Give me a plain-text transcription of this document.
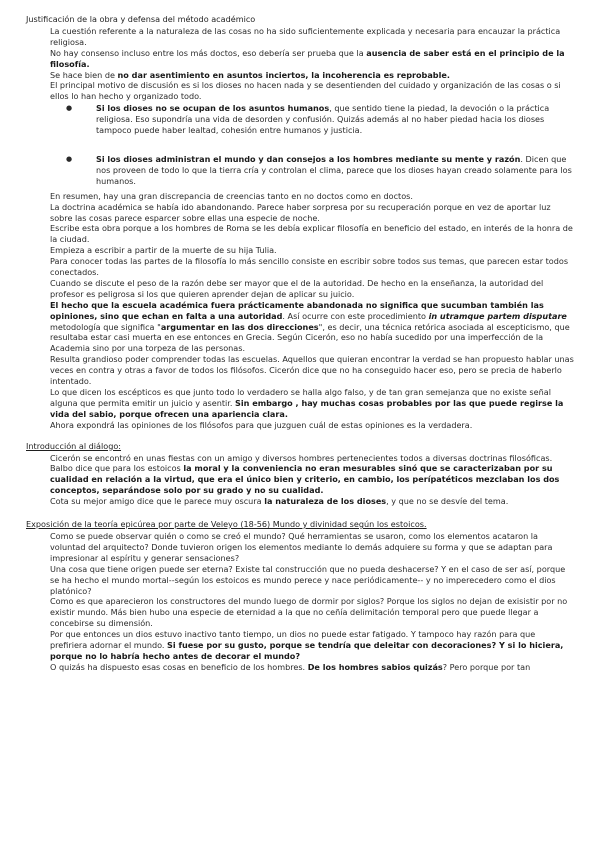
Justificación de la obra y defensa del método académico
La cuestión referente a la naturaleza de las cosas no ha sido suficientemente explicada y necesaria para encauzar la práctica religiosa.
No hay consenso incluso entre los más doctos, eso debería ser prueba que la ausencia de saber está en el principio de la filosofía.
Se hace bien de no dar asentimiento en asuntos inciertos, la incoherencia es reprobable.
El principal motivo de discusión es si los dioses no hacen nada y se desentienden del cuidado y organización de las cosas o si ellos lo han hecho y organizado todo.
● Si los dioses no se ocupan de los asuntos humanos, que sentido tiene la piedad, la devoción o la práctica religiosa. Eso supondría una vida de desorden y confusión. Quizás además al no haber piedad hacia los dioses tampoco puede haber lealtad, cohesión entre humanos y justicia.
● Si los dioses administran el mundo y dan consejos a los hombres mediante su mente y razón. Dicen que nos proveen de todo lo que la tierra cría y controlan el clima, parece que los dioses hayan creado solamente para los humanos.
En resumen, hay una gran discrepancia de creencias tanto en no doctos como en doctos.
La doctrina académica se había ido abandonando. Parece haber sorpresa por su recuperación porque en vez de aportar luz sobre las cosas parece esparcer sobre ellas una especie de noche.
Escribe esta obra porque a los hombres de Roma se les debía explicar filosofía en beneficio del estado, en interés de la honra de la ciudad.
Empieza a escribir a partir de la muerte de su hija Tulia.
Para conocer todas las partes de la filosofía lo más sencillo consiste en escribir sobre todos sus temas, que parecen estar todos conectados.
Cuando se discute el peso de la razón debe ser mayor que el de la autoridad. De hecho en la enseñanza, la autoridad del profesor es peligrosa si los que quieren aprender dejan de aplicar su juicio.
El hecho que la escuela académica fuera prácticamente abandonada no significa que sucumban también las opiniones, sino que echan en falta a una autoridad. Así ocurre con este procedimiento in utramque partem disputare metodología que significa "argumentar en las dos direcciones", es decir, una técnica retórica asociada al escepticismo, que resultaba estar casi muerta en ese entonces en Grecia. Según Cicerón, eso no había sucedido por una imperfección de la Academia sino por una torpeza de las personas.
Resulta grandioso poder comprender todas las escuelas. Aquellos que quieran encontrar la verdad se han propuesto hablar unas veces en contra y otras a favor de todos los filósofos. Cicerón dice que no ha conseguido hacer eso, pero se precia de haberlo intentado.
Lo que dicen los escépticos es que junto todo lo verdadero se halla algo falso, y de tan gran semejanza que no existe señal alguna que permita emitir un juicio y asentir. Sin embargo , hay muchas cosas probables por las que puede regirse la vida del sabio, porque ofrecen una apariencia clara.
Ahora expondrá las opiniones de los filósofos para que juzguen cuál de estas opiniones es la verdadera.
Introducción al diálogo:
Cicerón se encontró en unas fiestas con un amigo y diversos hombres pertenecientes todos a diversas doctrinas filosóficas.
Balbo dice que para los estoicos la moral y la conveniencia no eran mesurables sinó que se caracterizaban por su cualidad en relación a la virtud, que era el único bien y criterio, en cambio, los perípatéticos mezclaban los dos conceptos, separándose solo por su grado y no su cualidad.
Cota su mejor amigo dice que le parece muy oscura la naturaleza de los dioses, y que no se desvíe del tema.
Exposición de la teoría epicúrea por parte de Veleyo (18-56) Mundo y divinidad según los estoicos.
Como se puede observar quién o como se creó el mundo? Qué herramientas se usaron, como los elementos acataron la voluntad del arquitecto? Donde tuvieron origen los elementos mediante lo demás adquiere su forma y que se adaptan para impresionar al espíritu y generar sensaciones?
Una cosa que tiene origen puede ser eterna? Existe tal construcción que no pueda deshacerse? Y en el caso de ser así, porque se ha hecho el mundo mortal--según los estoicos es mundo perece y nace periódicamente-- y no imperecedero como el dios platónico?
Como es que aparecieron los constructores del mundo luego de dormir por siglos? Porque los siglos no dejan de exisistir por no existir mundo. Más bien hubo una especie de eternidad a la que no ceñía delimitación temporal pero que puede llegar a concebirse su dimensión.
Por que entonces un dios estuvo inactivo tanto tiempo, un dios no puede estar fatigado. Y tampoco hay razón para que prefiriera adornar el mundo. Si fuese por su gusto, porque se tendría que deleitar con decoraciones? Y si lo hiciera, porque no lo habría hecho antes de decorar el mundo?
O quizás ha dispuesto esas cosas en beneficio de los hombres. De los hombres sabios quizás? Pero porque por tan
